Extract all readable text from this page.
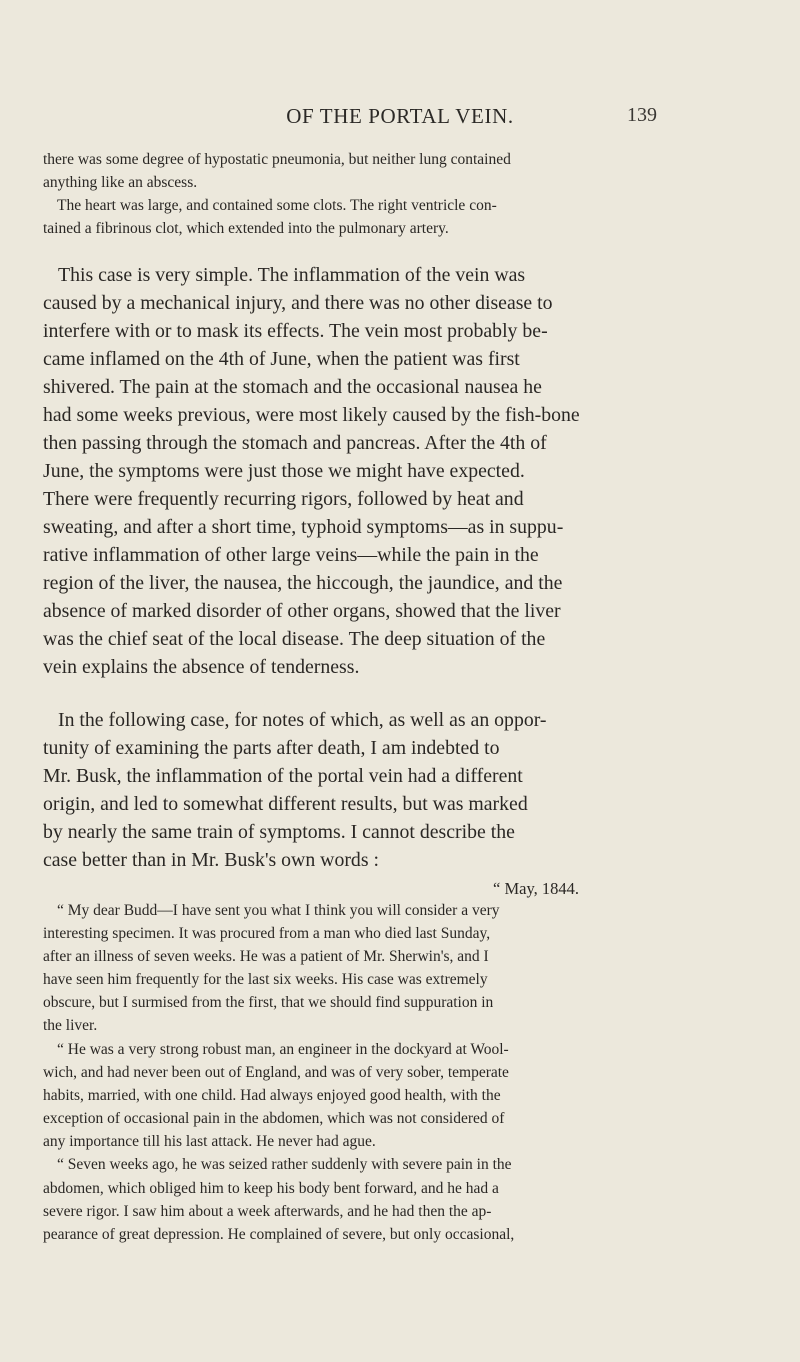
OF THE PORTAL VEIN.	139
there was some degree of hypostatic pneumonia, but neither lung contained
anything like an abscess.
The heart was large, and contained some clots. The right ventricle con-
tained a fibrinous clot, which extended into the pulmonary artery.
This case is very simple. The inflammation of the vein was
caused by a mechanical injury, and there was no other disease to
interfere with or to mask its effects. The vein most probably be-
came inflamed on the 4th of June, when the patient was first
shivered. The pain at the stomach and the occasional nausea he
had some weeks previous, were most likely caused by the fish-bone
then passing through the stomach and pancreas. After the 4th of
June, the symptoms were just those we might have expected.
There were frequently recurring rigors, followed by heat and
sweating, and after a short time, typhoid symptoms—as in suppu-
rative inflammation of other large veins—while the pain in the
region of the liver, the nausea, the hiccough, the jaundice, and the
absence of marked disorder of other organs, showed that the liver
was the chief seat of the local disease. The deep situation of the
vein explains the absence of tenderness.
In the following case, for notes of which, as well as an oppor-
tunity of examining the parts after death, I am indebted to
Mr. Busk, the inflammation of the portal vein had a different
origin, and led to somewhat different results, but was marked
by nearly the same train of symptoms. I cannot describe the
case better than in Mr. Busk's own words :
“ May, 1844.
“ My dear Budd—I have sent you what I think you will consider a very
interesting specimen. It was procured from a man who died last Sunday,
after an illness of seven weeks. He was a patient of Mr. Sherwin's, and I
have seen him frequently for the last six weeks. His case was extremely
obscure, but I surmised from the first, that we should find suppuration in
the liver.
“ He was a very strong robust man, an engineer in the dockyard at Wool-
wich, and had never been out of England, and was of very sober, temperate
habits, married, with one child. Had always enjoyed good health, with the
exception of occasional pain in the abdomen, which was not considered of
any importance till his last attack. He never had ague.
“ Seven weeks ago, he was seized rather suddenly with severe pain in the
abdomen, which obliged him to keep his body bent forward, and he had a
severe rigor. I saw him about a week afterwards, and he had then the ap-
pearance of great depression. He complained of severe, but only occasional,
